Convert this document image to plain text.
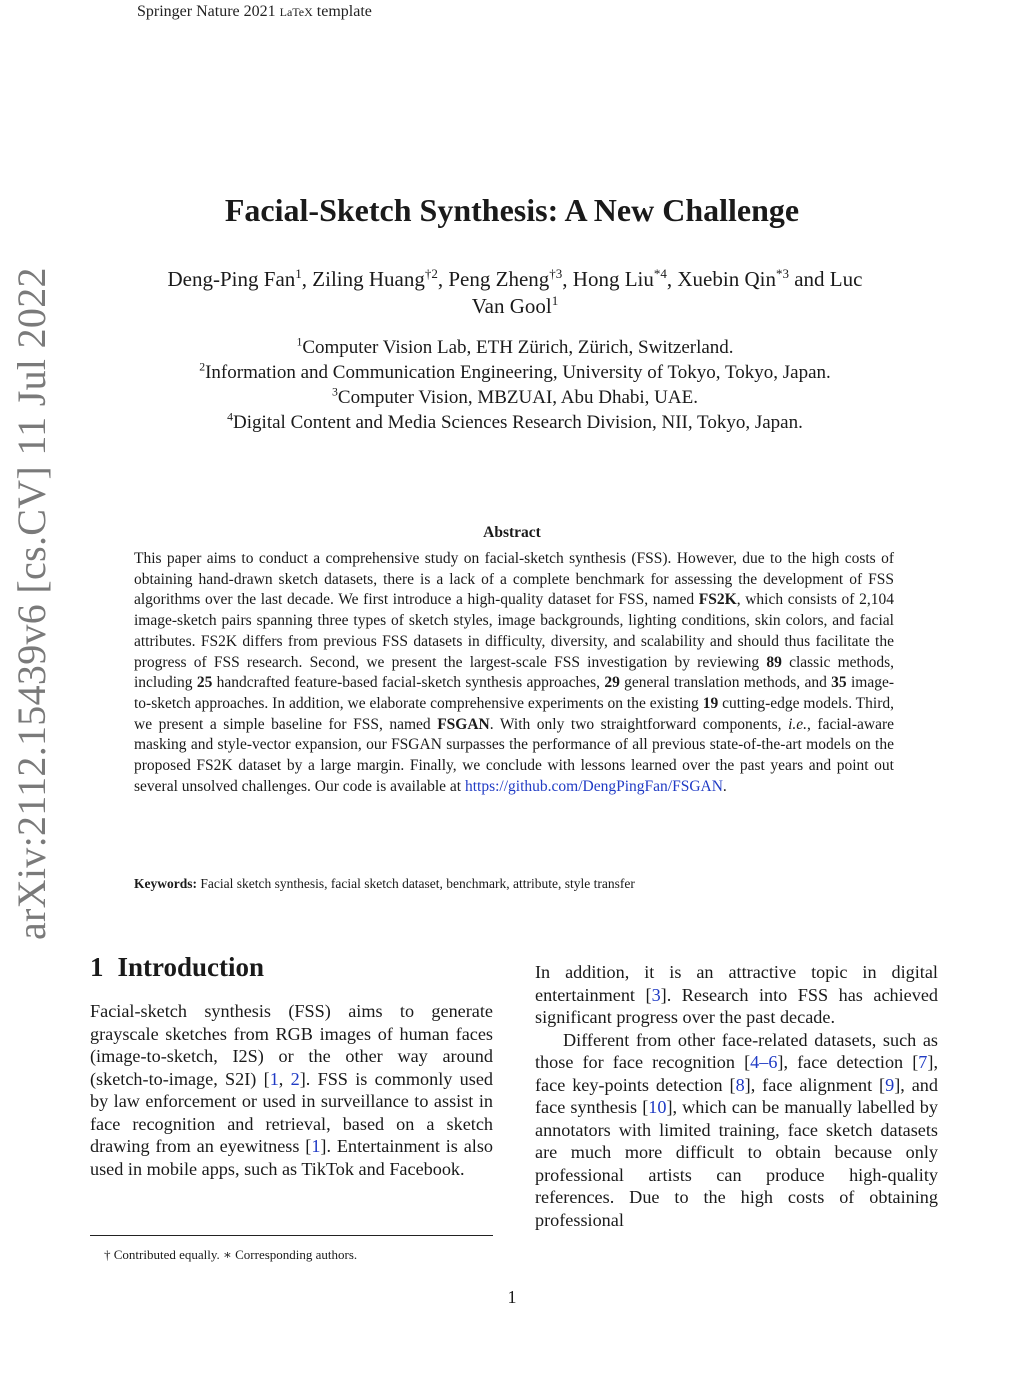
Springer Nature 2021 LaTeX template
arXiv:2112.15439v6 [cs.CV] 11 Jul 2022
Facial-Sketch Synthesis: A New Challenge
Deng-Ping Fan$^1$, Ziling Huang$^{\dagger 2}$, Peng Zheng$^{\dagger 3}$, Hong Liu$^{*4}$, Xuebin Qin$^{*3}$ and Luc
Van Gool$^1$
$^1$Computer Vision Lab, ETH Zürich, Zürich, Switzerland.
$^2$Information and Communication Engineering, University of Tokyo, Tokyo, Japan.
$^3$Computer Vision, MBZUAI, Abu Dhabi, UAE.
$^4$Digital Content and Media Sciences Research Division, NII, Tokyo, Japan.
Abstract
This paper aims to conduct a comprehensive study on facial-sketch synthesis (FSS). However, due to the high costs of obtaining hand-drawn sketch datasets, there is a lack of a complete benchmark for assessing the development of FSS algorithms over the last decade. We first introduce a high-quality dataset for FSS, named FS2K, which consists of 2,104 image-sketch pairs spanning three types of sketch styles, image backgrounds, lighting conditions, skin colors, and facial attributes. FS2K differs from previous FSS datasets in difficulty, diversity, and scalability and should thus facilitate the progress of FSS research. Second, we present the largest-scale FSS investigation by reviewing 89 classic methods, including 25 handcrafted feature-based facial-sketch synthesis approaches, 29 general translation methods, and 35 image-to-sketch approaches. In addition, we elaborate comprehensive experiments on the existing 19 cutting-edge models. Third, we present a simple baseline for FSS, named FSGAN. With only two straightforward components, i.e., facial-aware masking and style-vector expansion, our FSGAN surpasses the performance of all previous state-of-the-art models on the proposed FS2K dataset by a large margin. Finally, we conclude with lessons learned over the past years and point out several unsolved challenges. Our code is available at https://github.com/DengPingFan/FSGAN.
Keywords: Facial sketch synthesis, facial sketch dataset, benchmark, attribute, style transfer
1 Introduction

Facial-sketch synthesis (FSS) aims to generate grayscale sketches from RGB images of human faces (image-to-sketch, I2S) or the other way around (sketch-to-image, S2I) [1, 2]. FSS is commonly used by law enforcement or used in surveillance to assist in face recognition and retrieval, based on a sketch drawing from an eyewitness [1]. Entertainment is also used in mobile apps, such as TikTok and Facebook.

In addition, it is an attractive topic in digital entertainment [3]. Research into FSS has achieved significant progress over the past decade.

Different from other face-related datasets, such as those for face recognition [4–6], face detection [7], face key-points detection [8], face alignment [9], and face synthesis [10], which can be manually labelled by annotators with limited training, face sketch datasets are much more difficult to obtain because only professional artists can produce high-quality references. Due to the high costs of obtaining professional

† Contributed equally. ∗ Corresponding authors.
1
